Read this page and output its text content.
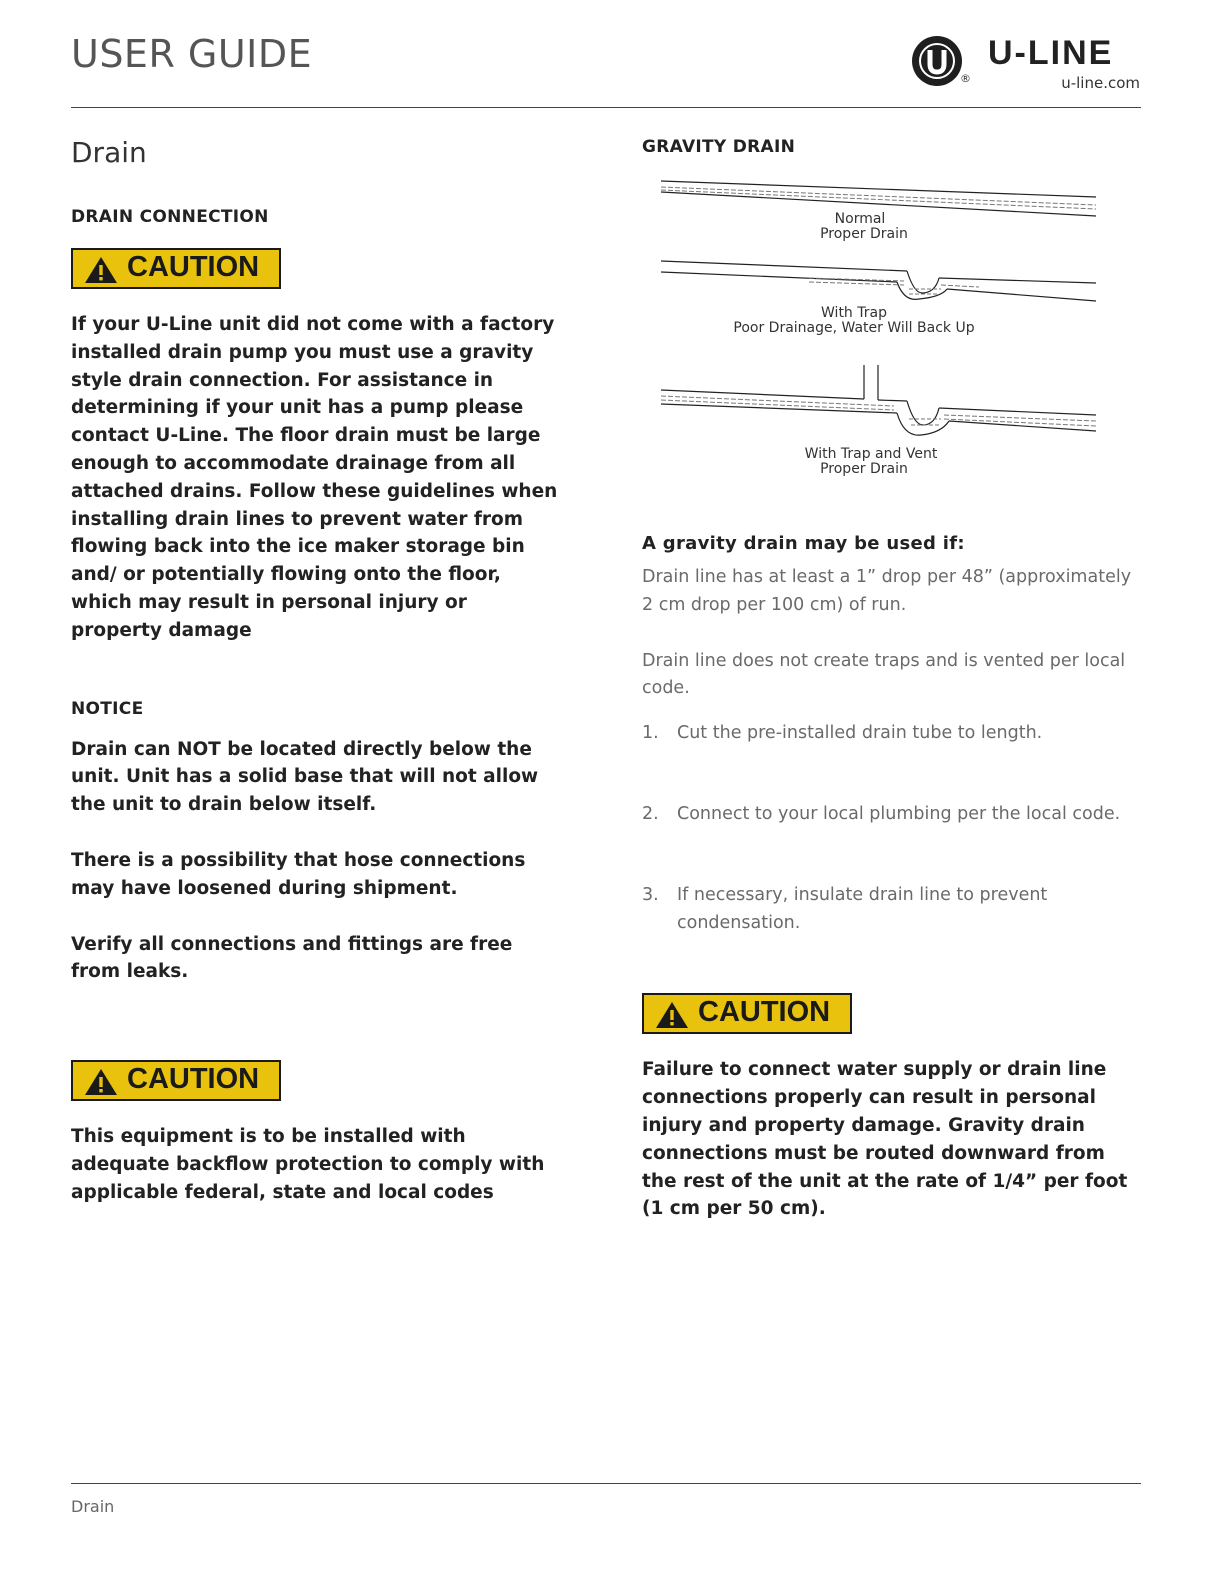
USER GUIDE
®
U-LINE
u-line.com
Drain
DRAIN CONNECTION
CAUTION

If your U-Line unit did not come with a factory installed drain pump you must use a gravity style drain connection. For assistance in determining if your unit has a pump please contact U-Line. The floor drain must be large enough to accommodate drainage from all attached drains. Follow these guidelines when installing drain lines to prevent water from flowing back into the ice maker storage bin and/ or potentially flowing onto the floor, which may result in personal injury or property damage

NOTICE

Drain can NOT be located directly below the unit. Unit has a solid base that will not allow the unit to drain below itself.

There is a possibility that hose connections may have loosened during shipment.

Verify all connections and fittings are free from leaks.

CAUTION

This equipment is to be installed with adequate backflow protection to comply with applicable federal, state and local codes

GRAVITY DRAIN
Normal
Proper Drain
With Trap
Poor Drainage, Water Will Back Up
With Trap and Vent
Proper Drain
A gravity drain may be used if:

Drain line has at least a 1” drop per 48” (approximately 2 cm drop per 100 cm) of run.

Drain line does not create traps and is vented per local code.

1. Cut the pre-installed drain tube to length.
2. Connect to your local plumbing per the local code.
3. If necessary, insulate drain line to prevent condensation.
CAUTION

Failure to connect water supply or drain line connections properly can result in personal injury and property damage. Gravity drain connections must be routed downward from the rest of the unit at the rate of 1/4” per foot (1 cm per 50 cm).

Drain
